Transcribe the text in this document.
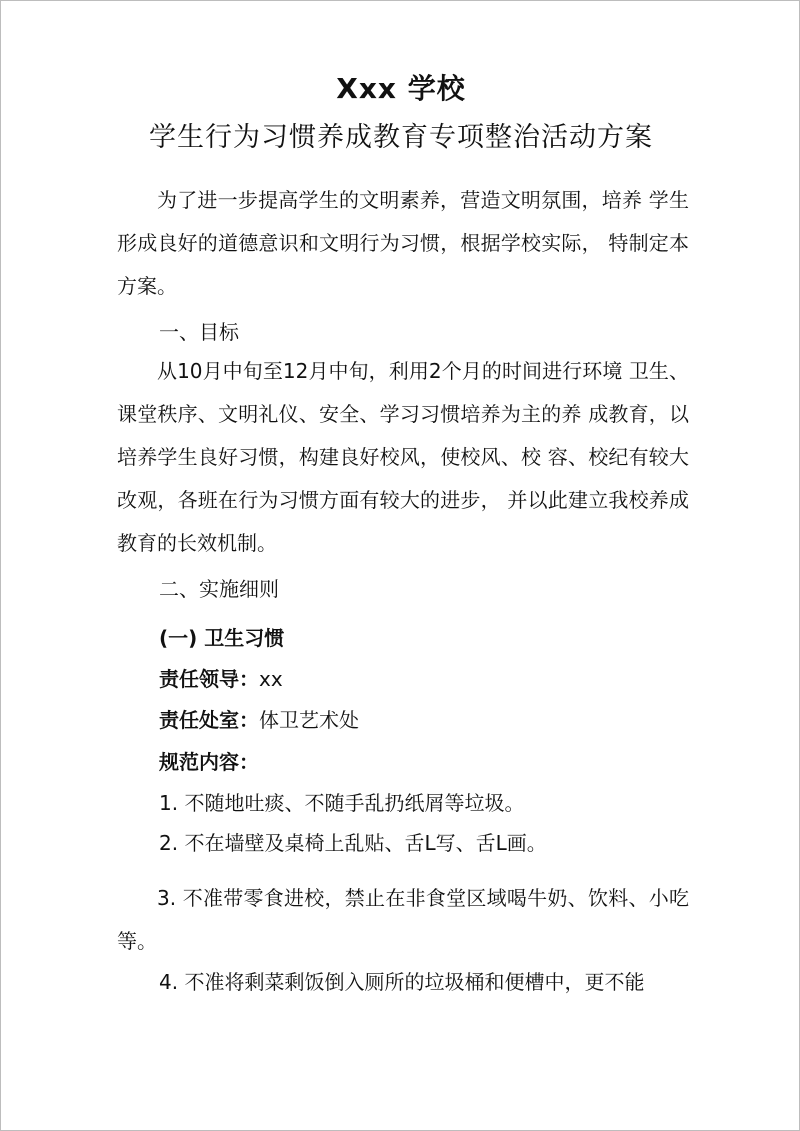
Xxx 学校
学生行为习惯养成教育专项整治活动方案
为了进一步提高学生的文明素养，营造文明氛围，培养 学生形成良好的道德意识和文明行为习惯，根据学校实际， 特制定本方案。
一、目标
从10月中旬至12月中旬，利用2个月的时间进行环境 卫生、课堂秩序、文明礼仪、安全、学习习惯培养为主的养 成教育，以培养学生良好习惯，构建良好校风，使校风、校 容、校纪有较大改观，各班在行为习惯方面有较大的进步， 并以此建立我校养成教育的长效机制。
二、实施细则
(一) 卫生习惯
责任领导：xx
责任处室：体卫艺术处
规范内容：
1. 不随地吐痰、不随手乱扔纸屑等垃圾。
2. 不在墙壁及桌椅上乱贴、舌L写、舌L画。
3. 不准带零食进校，禁止在非食堂区域喝牛奶、饮料、小吃等。
4. 不准将剩菜剩饭倒入厕所的垃圾桶和便槽中，更不能
